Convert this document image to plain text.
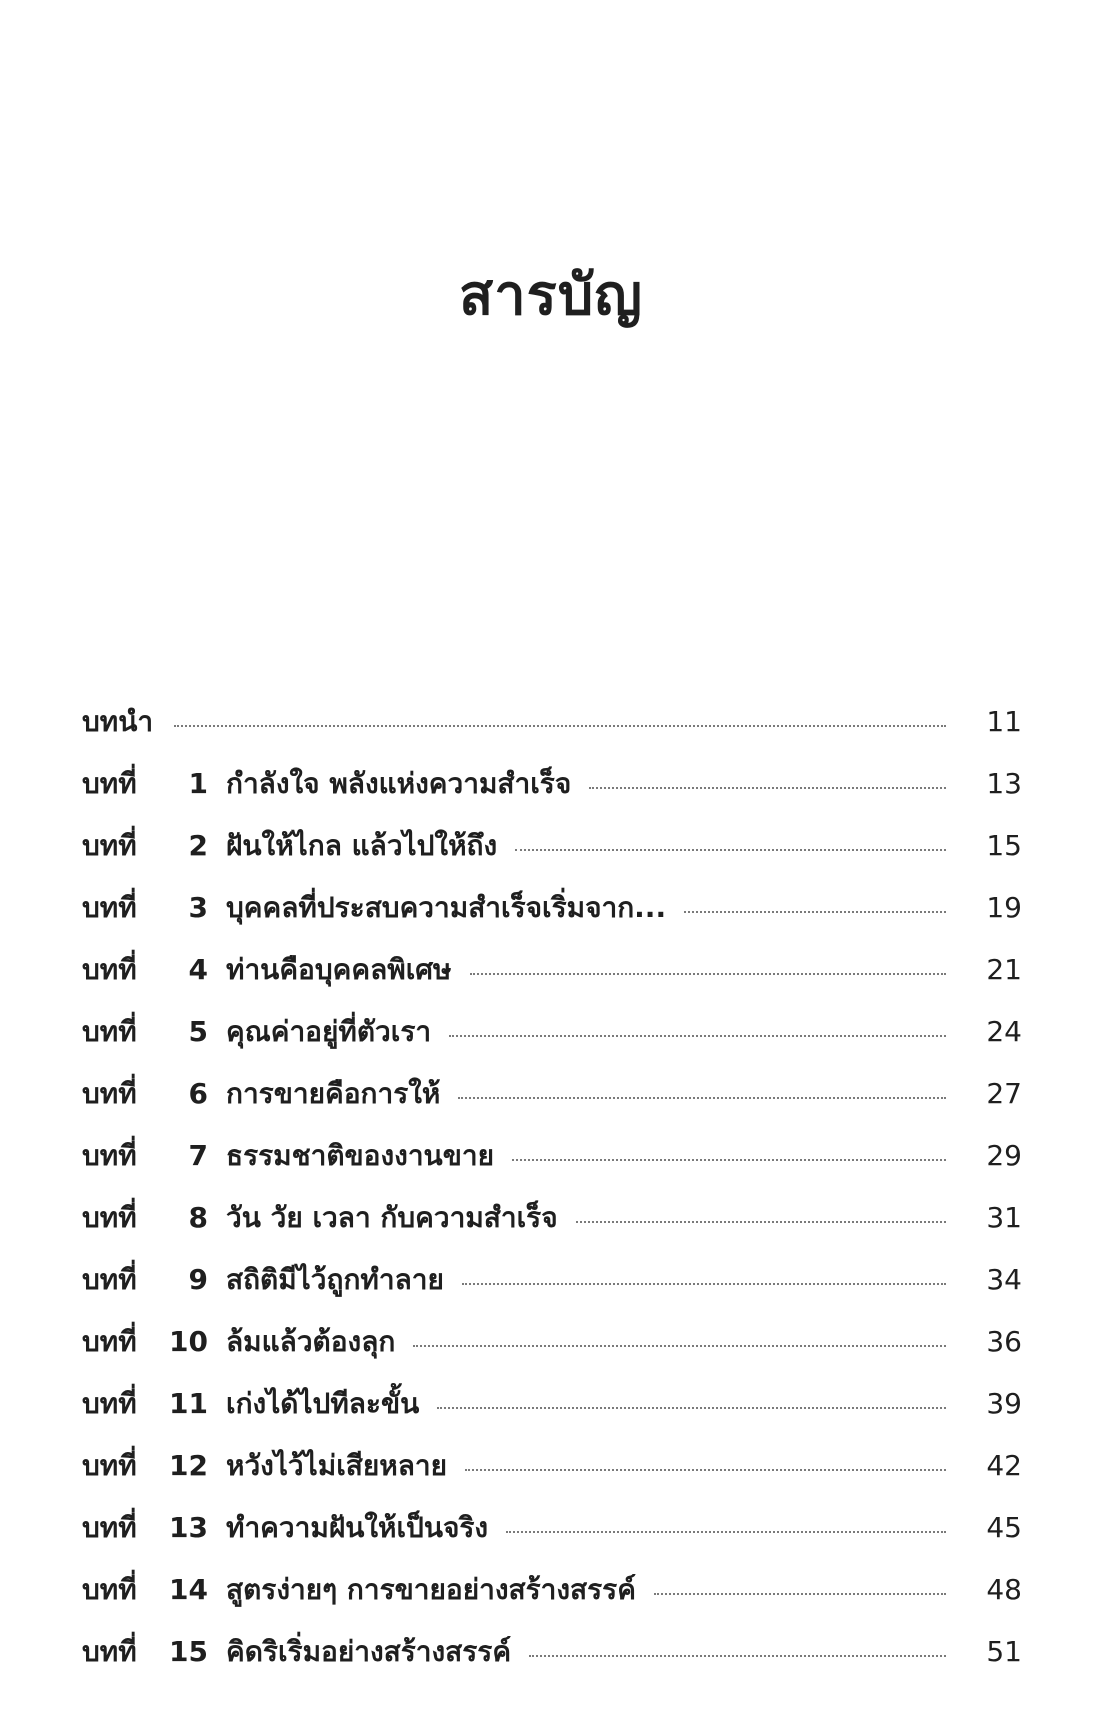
สารบัญ
บทนำ	11
บทที่	1 กำลังใจ พลังแห่งความสำเร็จ	13
บทที่	2 ฝันให้ไกล แล้วไปให้ถึง	15
บทที่	3 บุคคลที่ประสบความสำเร็จเริ่มจาก...	19
บทที่	4 ท่านคือบุคคลพิเศษ	21
บทที่	5 คุณค่าอยู่ที่ตัวเรา	24
บทที่	6 การขายคือการให้	27
บทที่	7 ธรรมชาติของงานขาย	29
บทที่	8 วัน วัย เวลา กับความสำเร็จ	31
บทที่	9 สถิติมีไว้ถูกทำลาย	34
บทที่	10 ล้มแล้วต้องลุก	36
บทที่	11 เก่งได้ไปทีละขั้น	39
บทที่	12 หวังไว้ไม่เสียหลาย	42
บทที่	13 ทำความฝันให้เป็นจริง	45
บทที่	14 สูตรง่ายๆ การขายอย่างสร้างสรรค์	48
บทที่	15 คิดริเริ่มอย่างสร้างสรรค์	51
